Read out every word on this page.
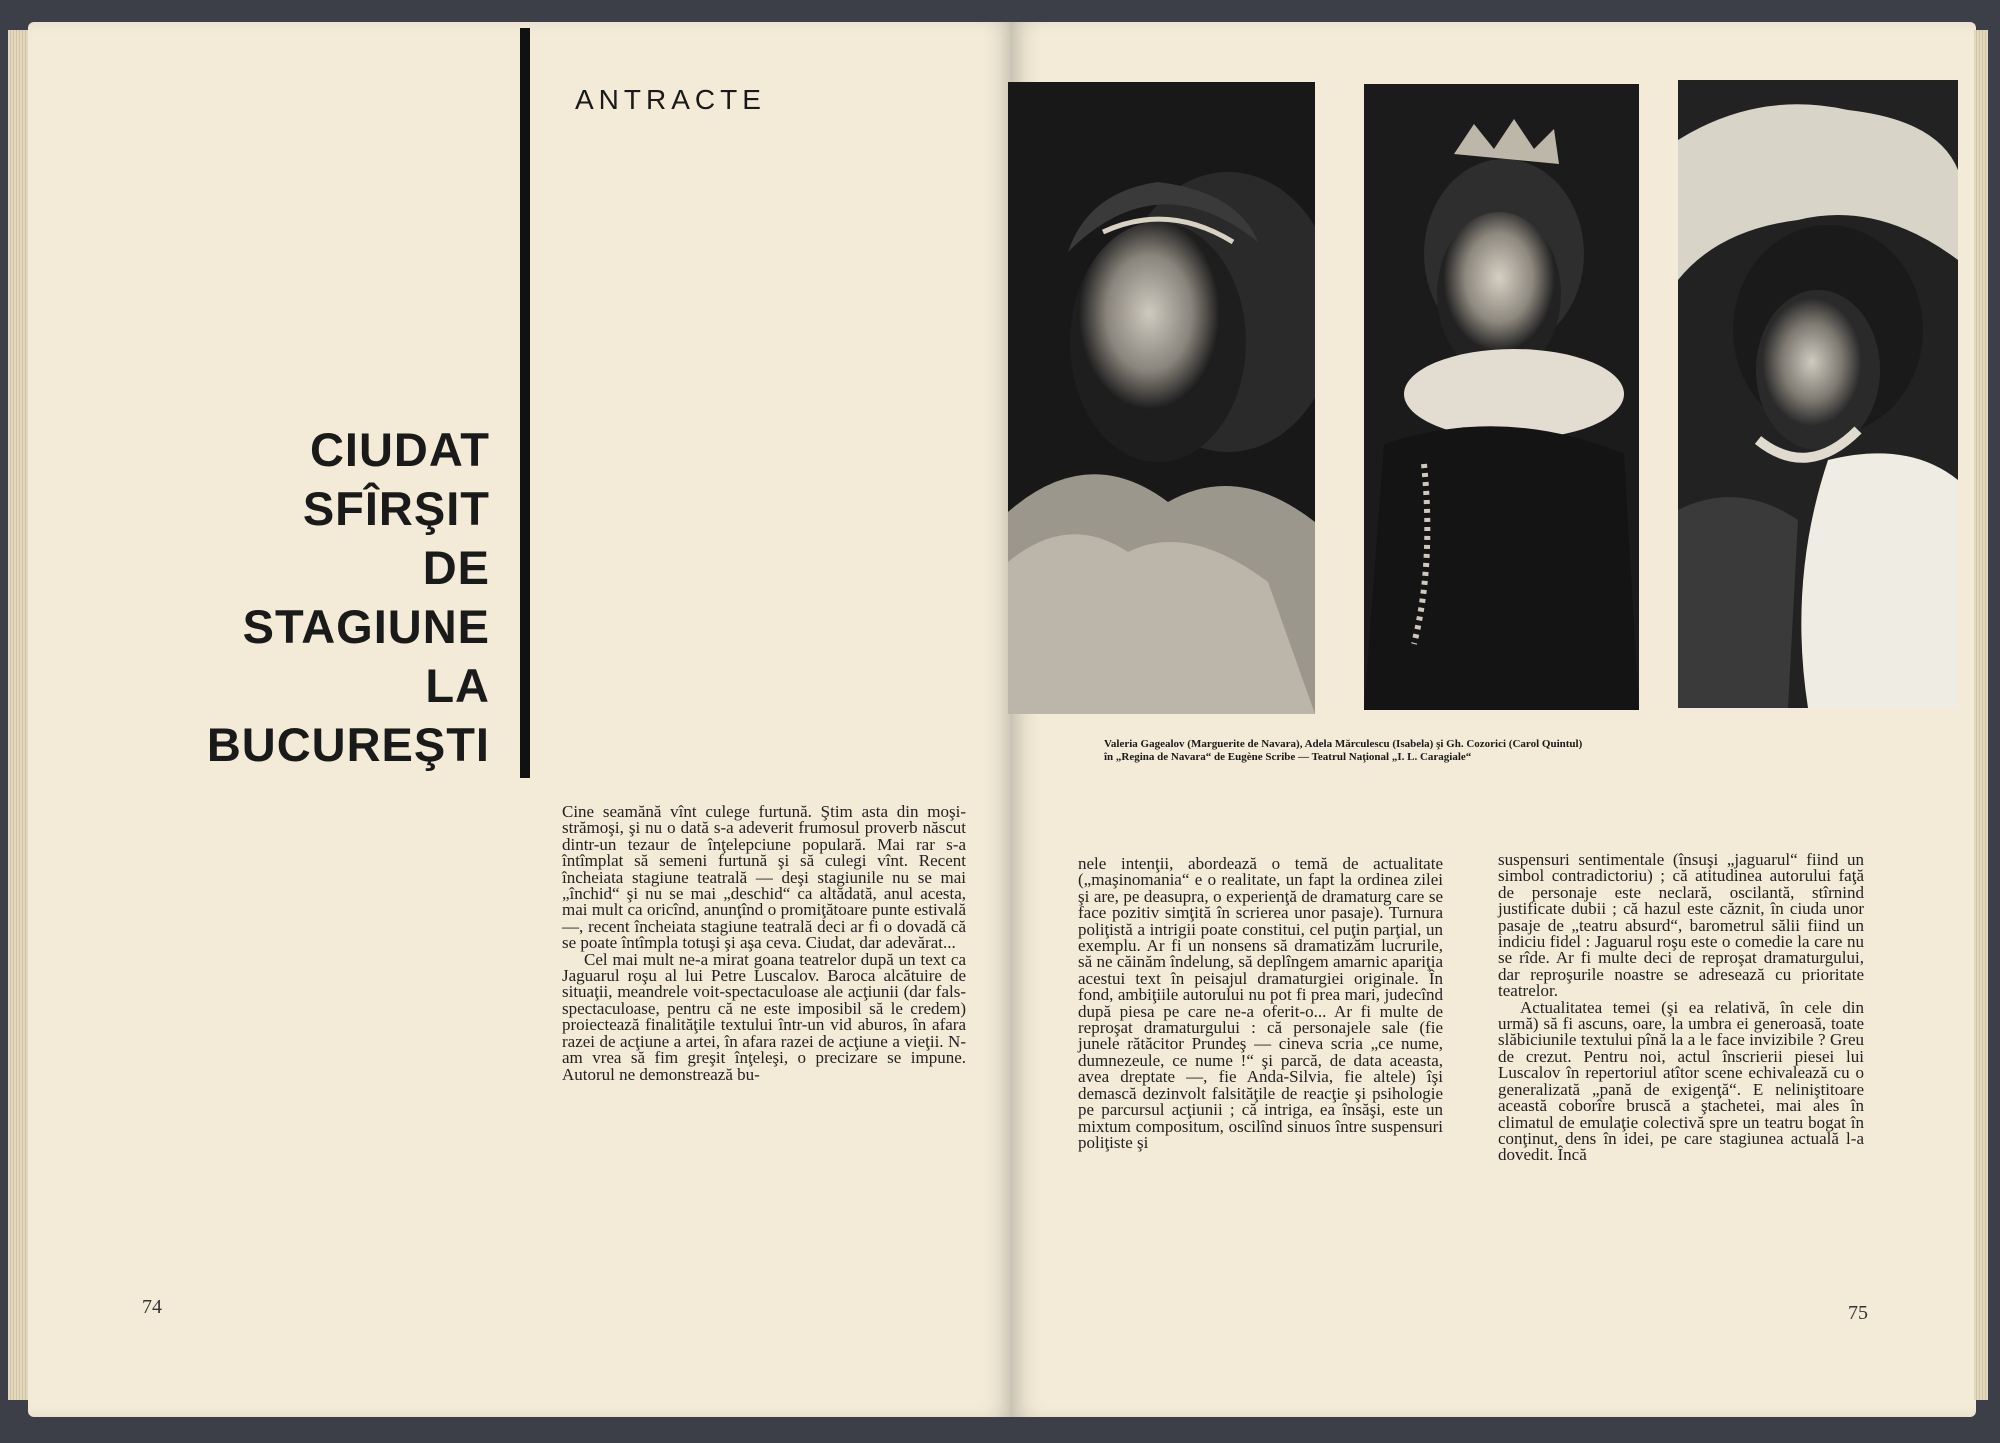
ANTRACTE
CIUDAT
SFÎRŞIT
DE
STAGIUNE
LA
BUCUREŞTI

Cine seamănă vînt culege furtună. Ştim asta din moşi-strămoşi, şi nu o dată s-a adeverit frumosul proverb născut dintr-un tezaur de înţelepciune populară. Mai rar s-a întîmplat să semeni furtună şi să culegi vînt. Recent încheiata stagiune teatrală — deşi stagiunile nu se mai „închid“ şi nu se mai „deschid“ ca altădată, anul acesta, mai mult ca oricînd, anunţînd o promiţătoare punte estivală —, recent încheiata stagiune teatrală deci ar fi o dovadă că se poate întîmpla totuşi şi aşa ceva. Ciudat, dar adevărat...

Cel mai mult ne-a mirat goana teatrelor după un text ca Jaguarul roşu al lui Petre Luscalov. Baroca alcătuire de situaţii, meandrele voit-spectaculoase ale acţiunii (dar fals-spectaculoase, pentru că ne este imposibil să le credem) proiectează finalităţile textului într-un vid aburos, în afara razei de acţiune a artei, în afara razei de acţiune a vieţii. N-am vrea să fim greşit înţeleşi, o precizare se impune. Autorul ne demonstrează bu-

74
Valeria Gagealov (Marguerite de Navara), Adela Mărculescu (Isabela) şi Gh. Cozorici (Carol Quintul)
în „Regina de Navara“ de Eugène Scribe — Teatrul Naţional „I. L. Caragiale“

nele intenţii, abordează o temă de actualitate („maşinomania“ e o realitate, un fapt la ordinea zilei şi are, pe deasupra, o experienţă de dramaturg care se face pozitiv simţită în scrierea unor pasaje). Turnura poliţistă a intrigii poate constitui, cel puţin parţial, un exemplu. Ar fi un nonsens să dramatizăm lucrurile, să ne căinăm îndelung, să deplîngem amarnic apariţia acestui text în peisajul dramaturgiei originale. În fond, ambiţiile autorului nu pot fi prea mari, judecînd după piesa pe care ne-a oferit-o... Ar fi multe de reproşat dramaturgului : că personajele sale (fie junele rătăcitor Prundeş — cineva scria „ce nume, dumnezeule, ce nume !“ şi parcă, de data aceasta, avea dreptate —, fie Anda-Silvia, fie altele) îşi demască dezinvolt falsităţile de reacţie şi psihologie pe parcursul acţiunii ; că intriga, ea însăşi, este un mixtum compositum, oscilînd sinuos între suspensuri poliţiste şi

suspensuri sentimentale (însuşi „jaguarul“ fiind un simbol contradictoriu) ; că atitudinea autorului faţă de personaje este neclară, oscilantă, stîrnind justificate dubii ; că hazul este căznit, în ciuda unor pasaje de „teatru absurd“, barometrul sălii fiind un indiciu fidel : Jaguarul roşu este o comedie la care nu se rîde. Ar fi multe deci de reproşat dramaturgului, dar reproşurile noastre se adresează cu prioritate teatrelor.

Actualitatea temei (şi ea relativă, în cele din urmă) să fi ascuns, oare, la umbra ei generoasă, toate slăbiciunile textului pînă la a le face invizibile ? Greu de crezut. Pentru noi, actul înscrierii piesei lui Luscalov în repertoriul atîtor scene echivalează cu o generalizată „pană de exigenţă“. E neliniştitoare această coborîre bruscă a ştachetei, mai ales în climatul de emulaţie colectivă spre un teatru bogat în conţinut, dens în idei, pe care stagiunea actuală l-a dovedit. Încă

75
